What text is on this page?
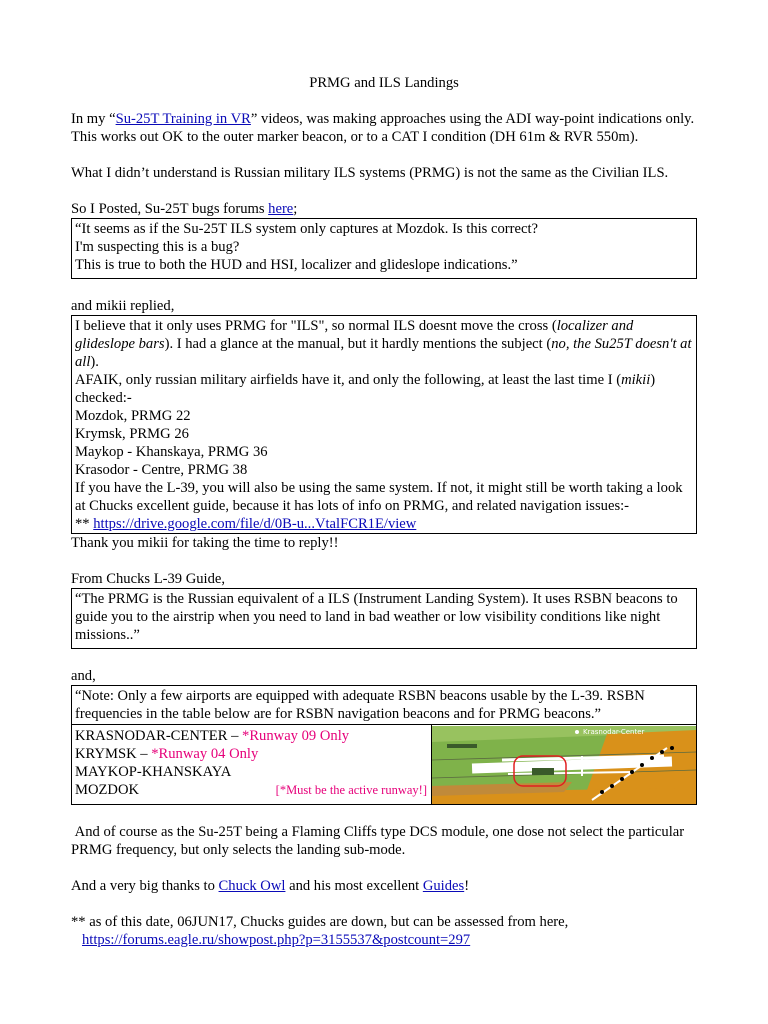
PRMG and ILS Landings

In my “Su-25T Training in VR” videos, was making approaches using the ADI way-point indications only. This works out OK to the outer marker beacon, or to a CAT I condition (DH 61m & RVR 550m).

What I didn’t understand is Russian military ILS systems (PRMG) is not the same as the Civilian ILS.

So I Posted, Su-25T bugs forums here;

“It seems as if the Su-25T ILS system only captures at Mozdok. Is this correct?
I'm suspecting this is a bug?
This is true to both the HUD and HSI, localizer and glideslope indications.”

and mikii replied,

I believe that it only uses PRMG for "ILS", so normal ILS doesnt move the cross (localizer and glideslope bars). I had a glance at the manual, but it hardly mentions the subject (no, the Su25T doesn't at all).
AFAIK, only russian military airfields have it, and only the following, at least the last time I (mikii) checked:-
Mozdok, PRMG 22
Krymsk, PRMG 26
Maykop - Khanskaya, PRMG 36
Krasodor - Centre, PRMG 38
If you have the L-39, you will also be using the same system. If not, it might still be worth taking a look at Chucks excellent guide, because it has lots of info on PRMG, and related navigation issues:-
** https://drive.google.com/file/d/0B-u...VtalFCR1E/view

Thank you mikii for taking the time to reply!!

From Chucks L-39 Guide,

“The PRMG is the Russian equivalent of a ILS (Instrument Landing System). It uses RSBN beacons to guide you to the airstrip when you need to land in bad weather or low visibility conditions like night missions..”

and,

“Note: Only a few airports are equipped with adequate RSBN beacons usable by the L-39. RSBN frequencies in the table below are for RSBN navigation beacons and for PRMG beacons.”
KRASNODAR-CENTER – *Runway 09 Only
KRYMSK – *Runway 04 Only
MAYKOP-KHANSKAYA
MOZDOK	[*Must be the active runway!]

Krasnodar-Center

And of course as the Su-25T being a Flaming Cliffs type DCS module, one dose not select the particular PRMG frequency, but only selects the landing sub-mode.

And a very big thanks to Chuck Owl and his most excellent Guides!

** as of this date, 06JUN17, Chucks guides are down, but can be assessed from here,

https://forums.eagle.ru/showpost.php?p=3155537&postcount=297
